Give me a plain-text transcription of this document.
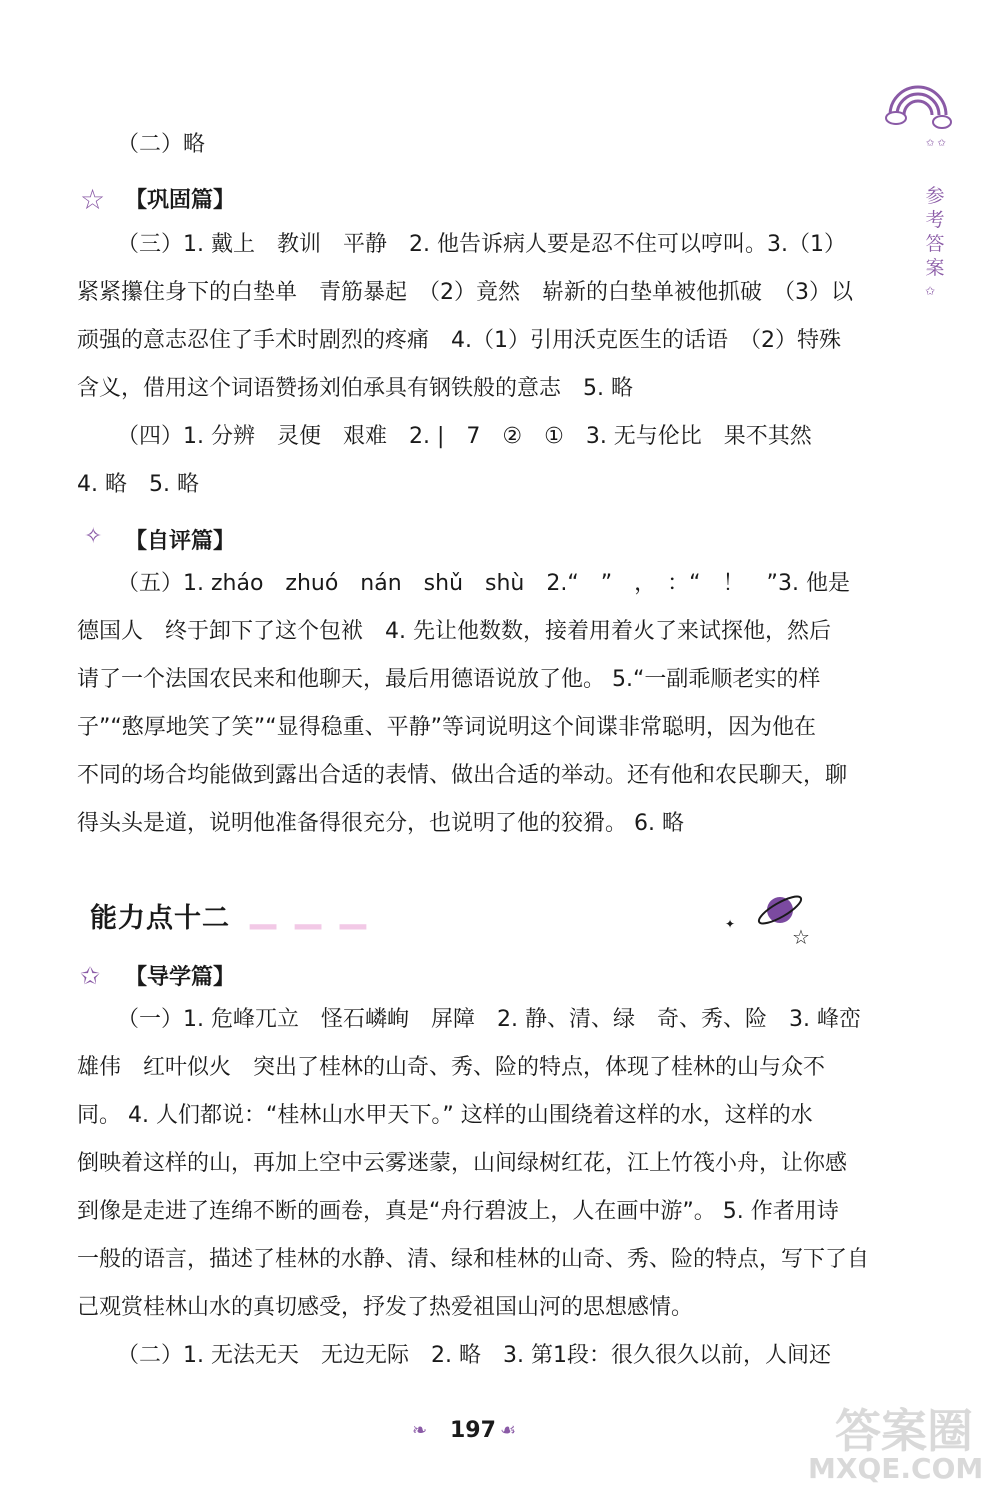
✩ ✩
参考答案
✩
（二）略
☆ 【巩固篇】
（三）1. 戴上　教训　平静　2. 他告诉病人要是忍不住可以哼叫。3.（1）
紧紧攥住身下的白垫单　青筋暴起　（2）竟然　崭新的白垫单被他抓破　（3）以
顽强的意志忍住了手术时剧烈的疼痛　4.（1）引用沃克医生的话语　（2）特殊
含义，借用这个词语赞扬刘伯承具有钢铁般的意志　5. 略
（四）1. 分辨　灵便　艰难　2. |　7　②　①　3. 无与伦比　果不其然
4. 略　5. 略
✧ 【自评篇】
（五）1. zháo　zhuó　nán　shǔ　shù　2.“　”　，　：“　！　”3. 他是
德国人　终于卸下了这个包袱　4. 先让他数数，接着用着火了来试探他，然后
请了一个法国农民来和他聊天，最后用德语说放了他。 5.“一副乖顺老实的样
子”“憨厚地笑了笑”“显得稳重、平静”等词说明这个间谍非常聪明，因为他在
不同的场合均能做到露出合适的表情、做出合适的举动。还有他和农民聊天，聊
得头头是道，说明他准备得很充分，也说明了他的狡猾。 6. 略
能力点十二 ▁ ▁ ▁	✦
☆
✩ 【导学篇】
（一）1. 危峰兀立　怪石嶙峋　屏障　2. 静、清、绿　奇、秀、险　3. 峰峦
雄伟　红叶似火　突出了桂林的山奇、秀、险的特点，体现了桂林的山与众不
同。 4. 人们都说：“桂林山水甲天下。” 这样的山围绕着这样的水，这样的水
倒映着这样的山，再加上空中云雾迷蒙，山间绿树红花，江上竹筏小舟，让你感
到像是走进了连绵不断的画卷，真是“舟行碧波上，人在画中游”。 5. 作者用诗
一般的语言，描述了桂林的水静、清、绿和桂林的山奇、秀、险的特点，写下了自
己观赏桂林山水的真切感受，抒发了热爱祖国山河的思想感情。
（二）1. 无法无天　无边无际　2. 略　3. 第1段：很久很久以前，人间还
❧ 197 ☙	答案圈
MXQE.COM
